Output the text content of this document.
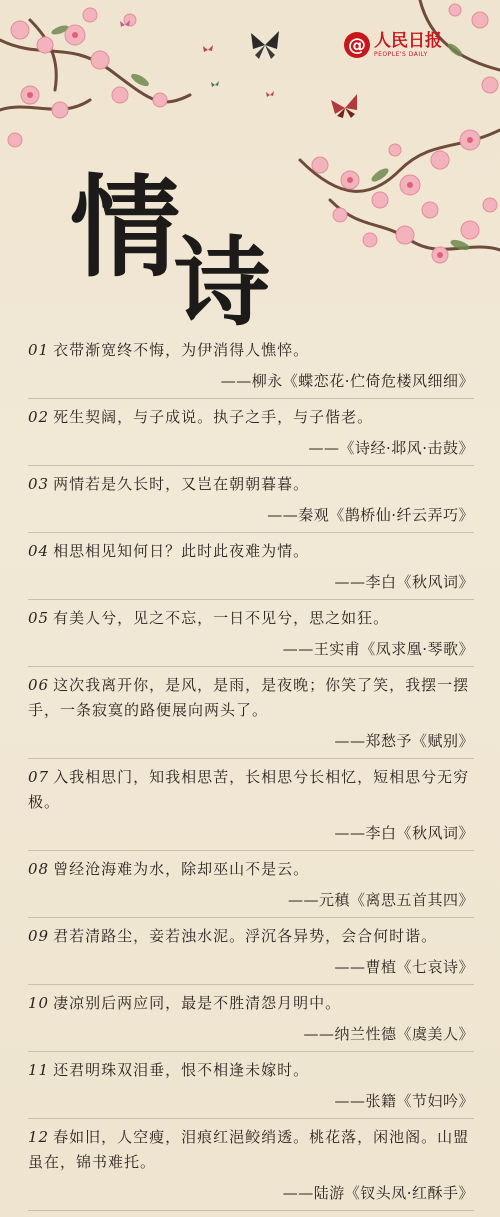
@ 人民日报
PEOPLE'S DAILY
情诗
01 衣带渐宽终不悔，为伊消得人憔悴。
——柳永《蝶恋花·伫倚危楼风细细》
02 死生契阔，与子成说。执子之手，与子偕老。
——《诗经·邶风·击鼓》
03 两情若是久长时，又岂在朝朝暮暮。
——秦观《鹊桥仙·纤云弄巧》
04 相思相见知何日？此时此夜难为情。
——李白《秋风词》
05 有美人兮，见之不忘，一日不见兮，思之如狂。
——王实甫《凤求凰·琴歌》
06 这次我离开你，是风，是雨，是夜晚；你笑了笑，我摆一摆手，一条寂寞的路便展向两头了。
——郑愁予《赋别》
07 入我相思门，知我相思苦，长相思兮长相忆，短相思兮无穷极。
——李白《秋风词》
08 曾经沧海难为水，除却巫山不是云。
——元稹《离思五首其四》
09 君若清路尘，妾若浊水泥。浮沉各异势，会合何时谐。
——曹植《七哀诗》
10 凄凉别后两应同，最是不胜清怨月明中。
——纳兰性德《虞美人》
11 还君明珠双泪垂，恨不相逢未嫁时。
——张籍《节妇吟》
12 春如旧，人空瘦，泪痕红浥鲛绡透。桃花落，闲池阁。山盟虽在，锦书难托。
——陆游《钗头凤·红酥手》
